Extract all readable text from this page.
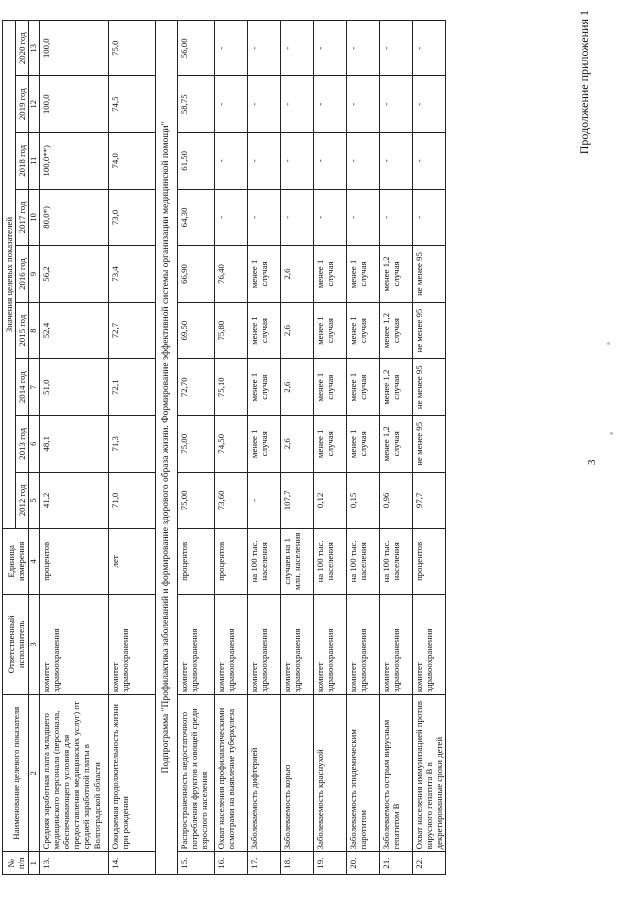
Продолжение приложения 1
3
№ п/п	Наименование целевого показателя	Ответственный исполнитель	Единица измерения	Значения целевых показателей								
				2012 год	2013 год	2014 год	2015 год	2016 год	2017 год	2018 год	2019 год	2020 год
1	2	3	4	5	6	7	8	9	10	11	12	13
13.	Средняя заработная плата младшего медицинского персонала (персонала, обеспечивающего условия для предоставления медицинских услуг) от средней заработной платы в Волгоградской области	комитет здравоохранения	процентов	41,2	48,1	51,0	52,4	56,2	80,0*)	100,0**)	100,0	100,0
14.	Ожидаемая продолжительность жизни при рождении	комитет здравоохранения	лет	71,0	71,3	72,1	72,7	73,4	73,0	74,0	74,5	75,0
Подпрограмма "Профилактика заболеваний и формирование здорового образа жизни. Формирование эффективной системы организации медицинской помощи"												
15.	Распространенность недостаточного потребления фруктов и овощей среди взрослого населения	комитет здравоохранения	процентов	75,00	75,00	72,70	69,50	66,90	64,30	61,50	58,75	56,00
16.	Охват населения профилактическими осмотрами на выявление туберкулеза	комитет здравоохранения	процентов	73,60	74,50	75,10	75,80	76,40	-	-	-	-
17.	Заболеваемость дифтерией	комитет здравоохранения	на 100 тыс. населения	-	менее 1 случая	менее 1 случая	менее 1 случая	менее 1 случая	-	-	-	-
18.	Заболеваемость корью	комитет здравоохранения	случаев на 1 млн. населения	107,7	2,6	2,6	2,6	2,6	-	-	-	-
19.	Заболеваемость краснухой	комитет здравоохранения	на 100 тыс. населения	0,12	менее 1 случая	менее 1 случая	менее 1 случая	менее 1 случая	-	-	-	-
20.	Заболеваемость эпидемическим паротитом	комитет здравоохранения	на 100 тыс. населения	0,15	менее 1 случая	менее 1 случая	менее 1 случая	менее 1 случая	-	-	-	-
21.	Заболеваемость острым вирусным гепатитом В	комитет здравоохранения	на 100 тыс. населения	0,96	менее 1,2 случая	менее 1,2 случая	менее 1,2 случая	менее 1,2 случая	-	-	-	-
22.	Охват населения иммунизацией против вирусного гепатита В в декретированные сроки детей	комитет здравоохранения	процентов	97,7	не менее 95	не менее 95	не менее 95	не менее 95	-	-	-	-
